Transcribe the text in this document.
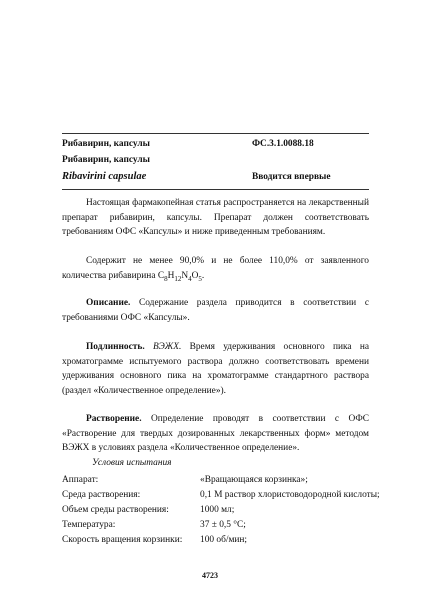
Рибавирин, капсулы	ФС.3.1.0088.18
Рибавирин, капсулы
Ribavirini capsulae	Вводится впервые
Настоящая фармакопейная статья распространяется на лекарственный
препарат рибавирин, капсулы. Препарат должен соответствовать
требованиям ОФС «Капсулы» и ниже приведенным требованиям.
Содержит не менее 90,0% и не более 110,0% от заявленного
количества рибавирина $C_8H_{12}N_4O_5$.
Описание. Содержание раздела приводится в соответствии с
требованиями ОФС «Капсулы».
Подлинность. ВЭЖХ. Время удерживания основного пика на
хроматограмме испытуемого раствора должно соответствовать времени
удерживания основного пика на хроматограмме стандартного раствора
(раздел «Количественное определение»).
Растворение. Определение проводят в соответствии с ОФС
«Растворение для твердых дозированных лекарственных форм» методом
ВЭЖХ в условиях раздела «Количественное определение».
Условия испытания
Аппарат:	«Вращающаяся корзинка»;
Среда растворения:	0,1 М раствор хлористоводородной кислоты;
Объем среды растворения:	1000 мл;
Температура:	37 ± 0,5 °С;
Скорость вращения корзинки: 100 об/мин;
4723
